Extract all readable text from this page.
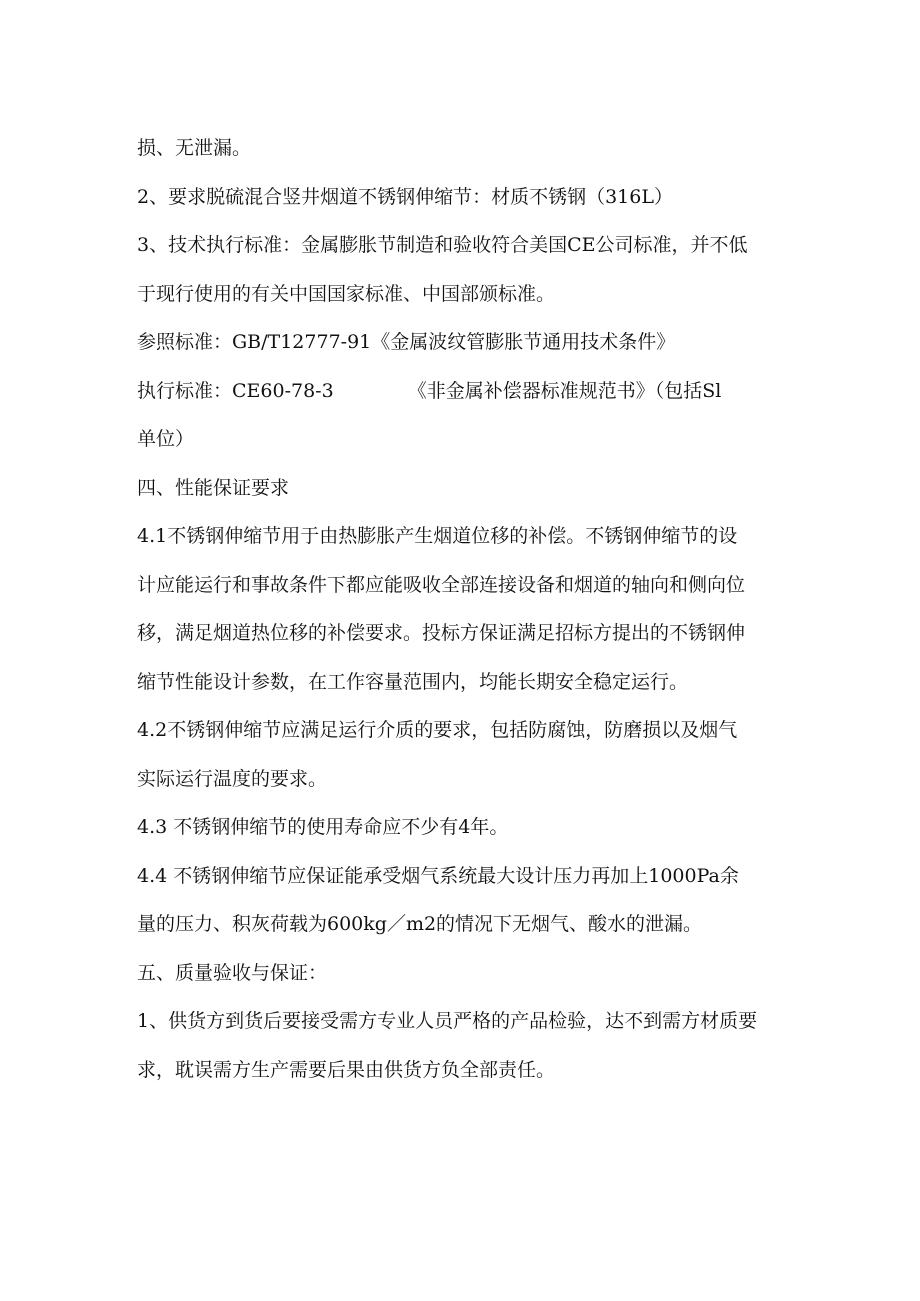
损、无泄漏。
2、要求脱硫混合竖井烟道不锈钢伸缩节：材质不锈钢（316L）
3、技术执行标准：金属膨胀节制造和验收符合美国CE公司标准，并不低
于现行使用的有关中国国家标准、中国部颁标准。
参照标准：GB/T12777-91《金属波纹管膨胀节通用技术条件》
执行标准：CE60-78-3	《非金属补偿器标准规范书》（包括Sl
单位）
四、性能保证要求
4.1不锈钢伸缩节用于由热膨胀产生烟道位移的补偿。不锈钢伸缩节的设
计应能运行和事故条件下都应能吸收全部连接设备和烟道的轴向和侧向位
移，满足烟道热位移的补偿要求。投标方保证满足招标方提出的不锈钢伸
缩节性能设计参数，在工作容量范围内，均能长期安全稳定运行。
4.2不锈钢伸缩节应满足运行介质的要求，包括防腐蚀，防磨损以及烟气
实际运行温度的要求。
4.3 不锈钢伸缩节的使用寿命应不少有4年。
4.4 不锈钢伸缩节应保证能承受烟气系统最大设计压力再加上1000Pa余
量的压力、积灰荷载为600kg／m2的情况下无烟气、酸水的泄漏。
五、质量验收与保证：
1、供货方到货后要接受需方专业人员严格的产品检验，达不到需方材质要
求，耽误需方生产需要后果由供货方负全部责任。
